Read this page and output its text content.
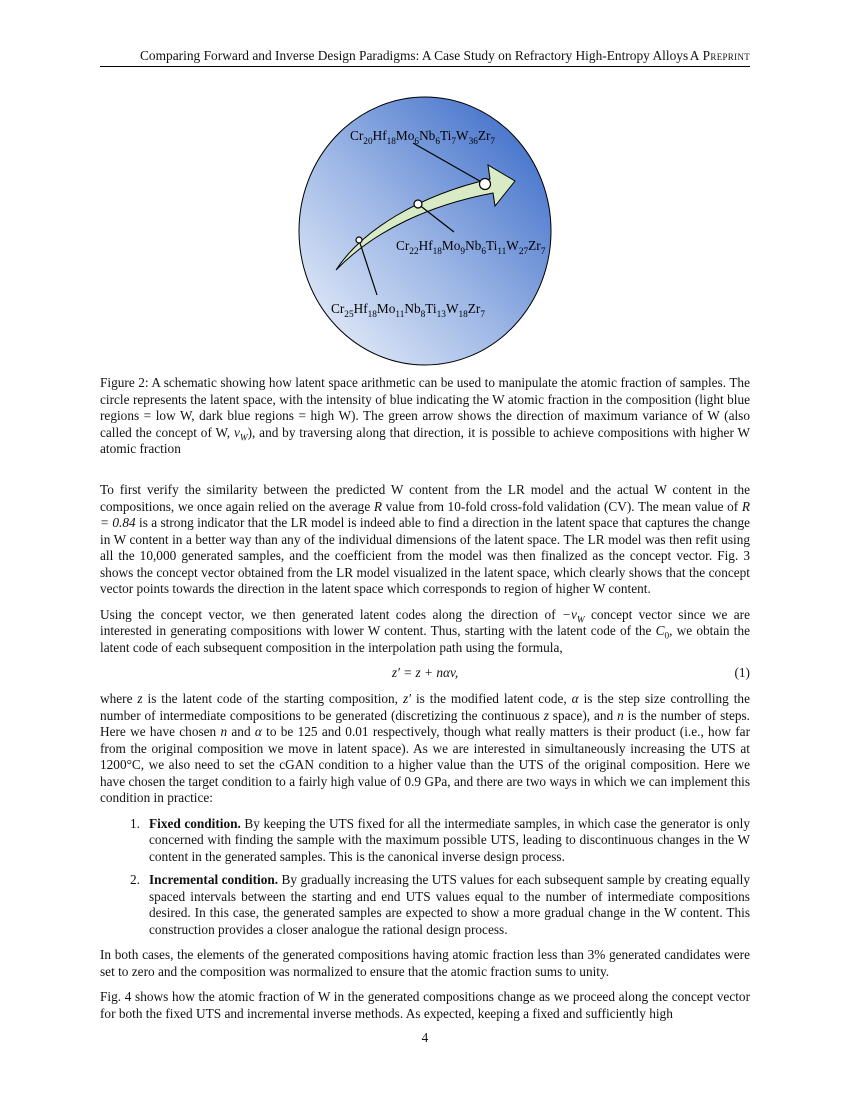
Comparing Forward and Inverse Design Paradigms: A Case Study on Refractory High-Entropy Alloys A Preprint
$Cr_{20}Hf_{18}Mo_6Nb_6Ti_7W_{36}Zr_7$
$Cr_{22}Hf_{18}Mo_9Nb_6Ti_{11}W_{27}Zr_7$
$Cr_{25}Hf_{18}Mo_{11}Nb_8Ti_{13}W_{18}Zr_7$
Figure 2: A schematic showing how latent space arithmetic can be used to manipulate the atomic fraction of samples. The circle represents the latent space, with the intensity of blue indicating the W atomic fraction in the composition (light blue regions = low W, dark blue regions = high W). The green arrow shows the direction of maximum variance of W (also called the concept of W, $v_W$), and by traversing along that direction, it is possible to achieve compositions with higher W atomic fraction

To first verify the similarity between the predicted W content from the LR model and the actual W content in the compositions, we once again relied on the average R value from 10-fold cross-fold validation (CV). The mean value of R = 0.84 is a strong indicator that the LR model is indeed able to find a direction in the latent space that captures the change in W content in a better way than any of the individual dimensions of the latent space. The LR model was then refit using all the 10,000 generated samples, and the coefficient from the model was then finalized as the concept vector. Fig. 3 shows the concept vector obtained from the LR model visualized in the latent space, which clearly shows that the concept vector points towards the direction in the latent space which corresponds to region of higher W content.

Using the concept vector, we then generated latent codes along the direction of $-v_W$ concept vector since we are interested in generating compositions with lower W content. Thus, starting with the latent code of the $C_0$, we obtain the latent code of each subsequent composition in the interpolation path using the formula,

z′ = z + nαv,	(1)

where z is the latent code of the starting composition, z′ is the modified latent code, α is the step size controlling the number of intermediate compositions to be generated (discretizing the continuous z space), and n is the number of steps. Here we have chosen n and α to be 125 and 0.01 respectively, though what really matters is their product (i.e., how far from the original composition we move in latent space). As we are interested in simultaneously increasing the UTS at 1200°C, we also need to set the cGAN condition to a higher value than the UTS of the original composition. Here we have chosen the target condition to a fairly high value of 0.9 GPa, and there are two ways in which we can implement this condition in practice:

1. Fixed condition. By keeping the UTS fixed for all the intermediate samples, in which case the generator is only concerned with finding the sample with the maximum possible UTS, leading to discontinuous changes in the W content in the generated samples. This is the canonical inverse design process.
2. Incremental condition. By gradually increasing the UTS values for each subsequent sample by creating equally spaced intervals between the starting and end UTS values equal to the number of intermediate compositions desired. In this case, the generated samples are expected to show a more gradual change in the W content. This construction provides a closer analogue the rational design process.

In both cases, the elements of the generated compositions having atomic fraction less than 3% generated candidates were set to zero and the composition was normalized to ensure that the atomic fraction sums to unity.

Fig. 4 shows how the atomic fraction of W in the generated compositions change as we proceed along the concept vector for both the fixed UTS and incremental inverse methods. As expected, keeping a fixed and sufficiently high

4
